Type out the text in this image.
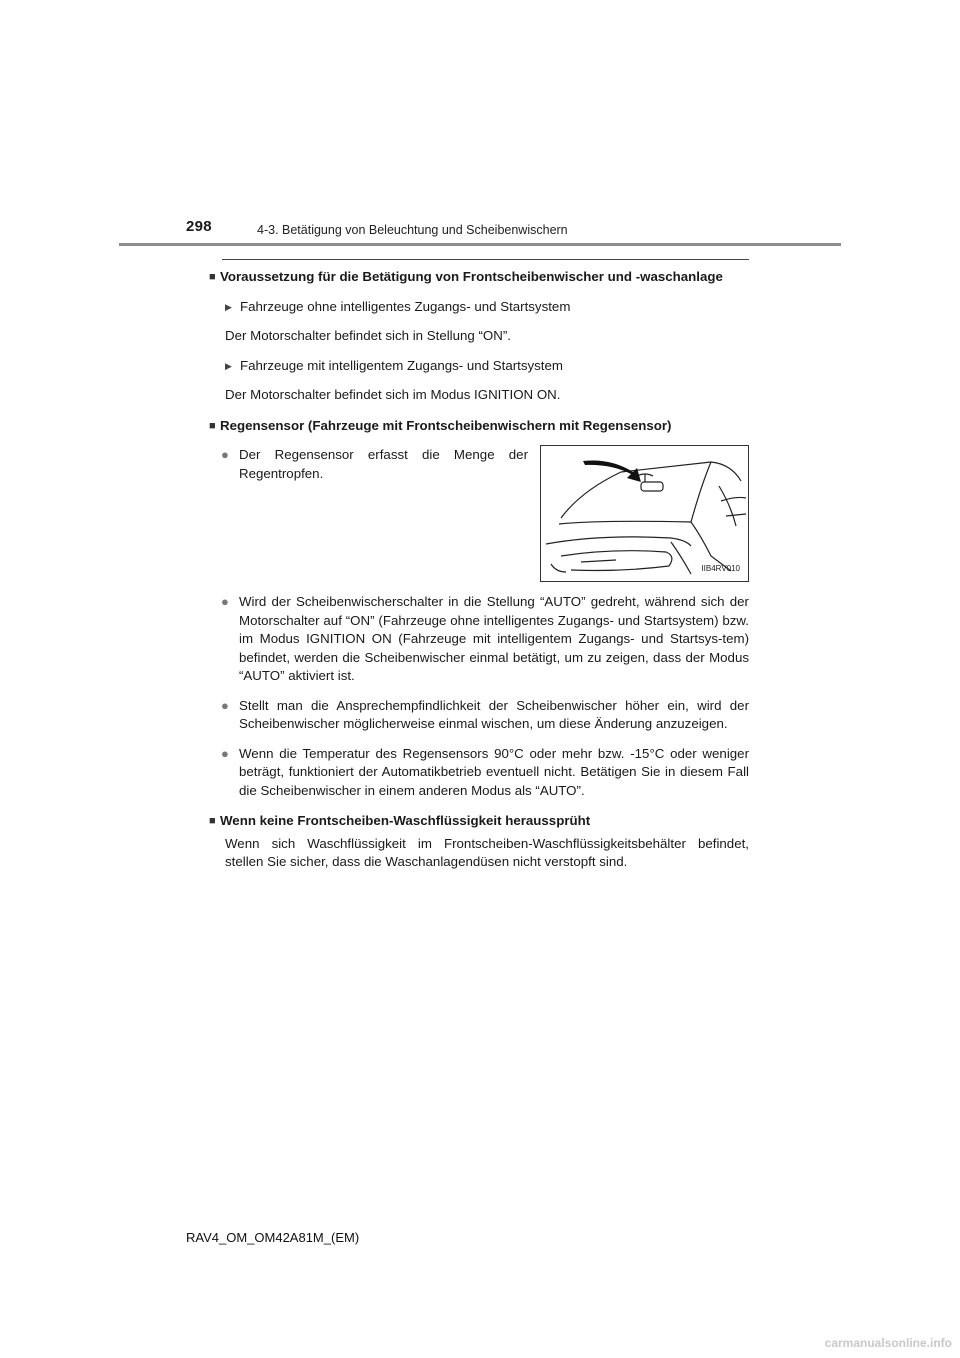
298	4-3. Betätigung von Beleuchtung und Scheibenwischern
■ Voraussetzung für die Betätigung von Frontscheibenwischer und -waschanlage
▶ Fahrzeuge ohne intelligentes Zugangs- und Startsystem
Der Motorschalter befindet sich in Stellung “ON”.
▶ Fahrzeuge mit intelligentem Zugangs- und Startsystem
Der Motorschalter befindet sich im Modus IGNITION ON.
■ Regensensor (Fahrzeuge mit Frontscheibenwischern mit Regensensor)
● Der Regensensor erfasst die Menge der Regentropfen.
IIB4RV010
● Wird der Scheibenwischerschalter in die Stellung “AUTO” gedreht, während sich der Motorschalter auf “ON” (Fahrzeuge ohne intelligentes Zugangs- und Startsystem) bzw. im Modus IGNITION ON (Fahrzeuge mit intelligentem Zugangs- und Startsys-tem) befindet, werden die Scheibenwischer einmal betätigt, um zu zeigen, dass der Modus “AUTO” aktiviert ist.
● Stellt man die Ansprechempfindlichkeit der Scheibenwischer höher ein, wird der Scheibenwischer möglicherweise einmal wischen, um diese Änderung anzuzeigen.
● Wenn die Temperatur des Regensensors 90°C oder mehr bzw. -15°C oder weniger beträgt, funktioniert der Automatikbetrieb eventuell nicht. Betätigen Sie in diesem Fall die Scheibenwischer in einem anderen Modus als “AUTO”.
■ Wenn keine Frontscheiben-Waschflüssigkeit heraussprüht
Wenn sich Waschflüssigkeit im Frontscheiben-Waschflüssigkeitsbehälter befindet, stellen Sie sicher, dass die Waschanlagendüsen nicht verstopft sind.
RAV4_OM_OM42A81M_(EM)
carmanualsonline.info
